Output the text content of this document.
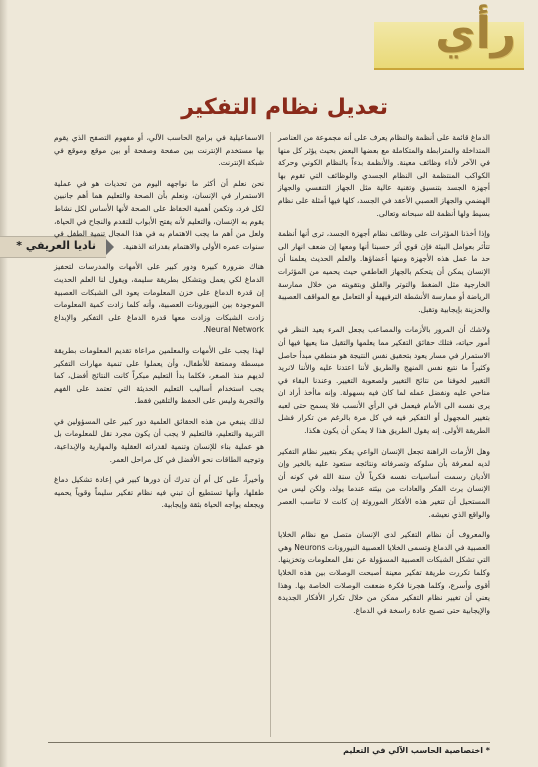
رأي
تعديل نظام التفكير
ناديا العريفي *

الدماغ قائمة على أنظمة والنظام يعرف على أنه مجموعة من العناصر المتداخلة والمترابطة والمتكاملة مع بعضها البعض بحيث يؤثر كل منها في الآخر لأداء وظائف معينة. والأنظمة بدءاً بالنظام الكوني وحركة الكواكب المنتظمة الى النظام الجسدي والوظائف التي تقوم بها أجهزة الجسد بتنسيق وتقنية عالية مثل الجهاز التنفسي والجهاز الهضمي والجهاز العصبي الأعقد في الجسد، كلها فيها أمثلة على نظام بسيط ولها أنظمة لله سبحانه وتعالى.

وإذا أخذنا المؤثرات على وظائف نظام أجهزة الجسد، ترى أنها أنظمة تتأثر بعوامل البيئة فإن قوي أثر حسبنا أنها ومعها إن ضعف انهار الى حد ما عمل هذه الأجهزة ومنها أعضاؤها. والعلم الحديث يعلمنا أن الإنسان يمكن أن يتحكم بالجهاز العاطفي حيث يحميه من المؤثرات الخارجية مثل الضغط والتوتر والقلق وبتقويته من خلال ممارسة الرياضة أو ممارسة الأنشطة الترفيهية أو التعامل مع المواقف العصيبة والحزينة بإيجابية وتقبل.

ولاشك أن المرور بالأزمات والمصاعب يجعل المرء يعيد النظر في أمور حياته، فتلك حقائق التفكير مما يعلمها والتقيل منا يعيها فيها أن الاستمرار في مسار يعود بتحقيق نفس النتيجة هو منطقي مبدأ حاصل وكثيراً ما نتبع نفس المنهج والطريق لأننا اعتدنا عليه والأننا لانريد التغيير لخوفنا من نتائج التغيير ولصعوبة التغيير. وعندنا البقاء في مناحي عليه ونفضل عمله لما كان فيه بسهولة. وإنه ماأخذ أراد ان يرى نفسه الى الأمام فيعمل في الرأي الأنسب فلا يسمح حتى لعبه بتغيير المجهول أو التفكير فيه في كل مرة بالرغم من تكرار فشل الطريقة الأولى. إنه يقول الطريق هذا لا يمكن أن يكون هكذا.

وهل الأزمات الراهنة تجعل الإنسان الواعي يفكر بتغيير نظام التفكير لديه لمعرفة بأن سلوكه وتصرفاته ونتائجه ستعود عليه بالخير وإن الأديان رسمت أساسيات نفسه فكرياً لأن سنة الله في كونه أن الإنسان يرث الفكر والعادات من بيئته عندما يولد، ولكن ليس من المستحيل أن تتغير هذه الأفكار الموروثة إن كانت لا تناسب العصر والواقع الذي نعيشه.

والمعروف أن نظام التفكير لدى الإنسان متصل مع نظام الخلايا العصبية في الدماغ وتسمى الخلايا العصبية النيورونات Neurons وهي التي تشكل الشبكات العصبية المسؤولة عن نقل المعلومات وتخزينها. وكلما تكررت طريقة تفكير معينة أصبحت الوصلات بين هذه الخلايا أقوى وأسرع، وكلما هجرنا فكرة ضعفت الوصلات الخاصة بها. وهذا يعني أن تغيير نظام التفكير ممكن من خلال تكرار الأفكار الجديدة والإيجابية حتى تصبح عادة راسخة في الدماغ.

الاسماعيلية في برامج الحاسب الآلي، أو مفهوم التصفح الذي يقوم بها مستخدم الإنترنت بين صفحة وصفحة أو بين موقع وموقع في شبكة الإنترنت.

نحن نعلم أن أكثر ما نواجهه اليوم من تحديات هو في عملية الاستمرار في الإنسان، ونعلم بأن الصحة والتعليم هما أهم جانبين لكل فرد، وتكمن أهمية الحفاظ على الصحة لأنها الأساس لكل نشاط يقوم به الإنسان، والتعليم لأنه يفتح الأبواب للتقدم والنجاح في الحياة، ولعل من أهم ما يجب الاهتمام به في هذا المجال تنمية الطفل في سنوات عمره الأولى والاهتمام بقدراته الذهنية.

هناك ضرورة كبيرة ودور كبير على الأمهات والمدرسات لتحفيز الدماغ لكي يعمل ويتشكل بطريقة سليمة، ويقول لنا العلم الحديث إن قدرة الدماغ على خزن المعلومات يعود الى الشبكات العصبية الموجودة بين النيورونات العصبية، وأنه كلما زادت كمية المعلومات زادت الشبكات وزادت معها قدرة الدماغ على التفكير والإبداع Neural Network.

لهذا يجب على الأمهات والمعلمين مراعاة تقديم المعلومات بطريقة مبسطة وممتعة للأطفال، وأن يعملوا على تنمية مهارات التفكير لديهم منذ الصغر، فكلما بدأ التعليم مبكراً كانت النتائج أفضل، كما يجب استخدام أساليب التعليم الحديثة التي تعتمد على الفهم والتجربة وليس على الحفظ والتلقين فقط.

لذلك ينبغي من هذه الحقائق العلمية دور كبير على المسؤولين في التربية والتعليم، فالتعليم لا يجب أن يكون مجرد نقل للمعلومات بل هو عملية بناء للإنسان وتنمية لقدراته العقلية والمهارية والإبداعية، وتوجيه الطاقات نحو الأفضل في كل مراحل العمر.

وأخيراً، على كل أم أن تدرك أن دورها كبير في إعادة تشكيل دماغ طفلها، وأنها تستطيع أن تبني فيه نظام تفكير سليماً وقوياً يحميه ويجعله يواجه الحياة بثقة وإيجابية.

* اختصاصية الحاسب الآلي في التعليم
